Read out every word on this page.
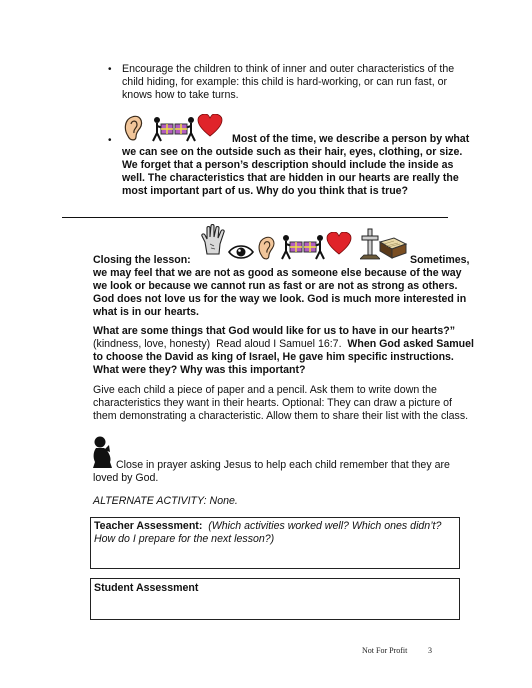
• Encourage the children to think of inner and outer characteristics of the
child hiding, for example: this child is hard-working, or can run fast, or
knows how to take turns.
•	Most of the time, we describe a person by what
we can see on the outside such as their hair, eyes, clothing, or size.
We forget that a person’s description should include the inside as
well. The characteristics that are hidden in our hearts are really the
most important part of us. Why do you think that is true?
Closing the lesson:	Sometimes,
we may feel that we are not as good as someone else because of the way
we look or because we cannot run as fast or are not as strong as others.
God does not love us for the way we look. God is much more interested in
what is in our hearts.
What are some things that God would like for us to have in our hearts?”
(kindness, love, honesty)  Read aloud I Samuel 16:7.  When God asked Samuel
to choose the David as king of Israel, He gave him specific instructions.
What were they? Why was this important?
Give each child a piece of paper and a pencil. Ask them to write down the
characteristics they want in their hearts. Optional: They can draw a picture of
them demonstrating a characteristic. Allow them to share their list with the class.
Close in prayer asking Jesus to help each child remember that they are
loved by God.
ALTERNATE ACTIVITY: None.
Teacher Assessment: (Which activities worked well? Which ones didn’t?
How do I prepare for the next lesson?)
Student Assessment
Not For Profit	3
